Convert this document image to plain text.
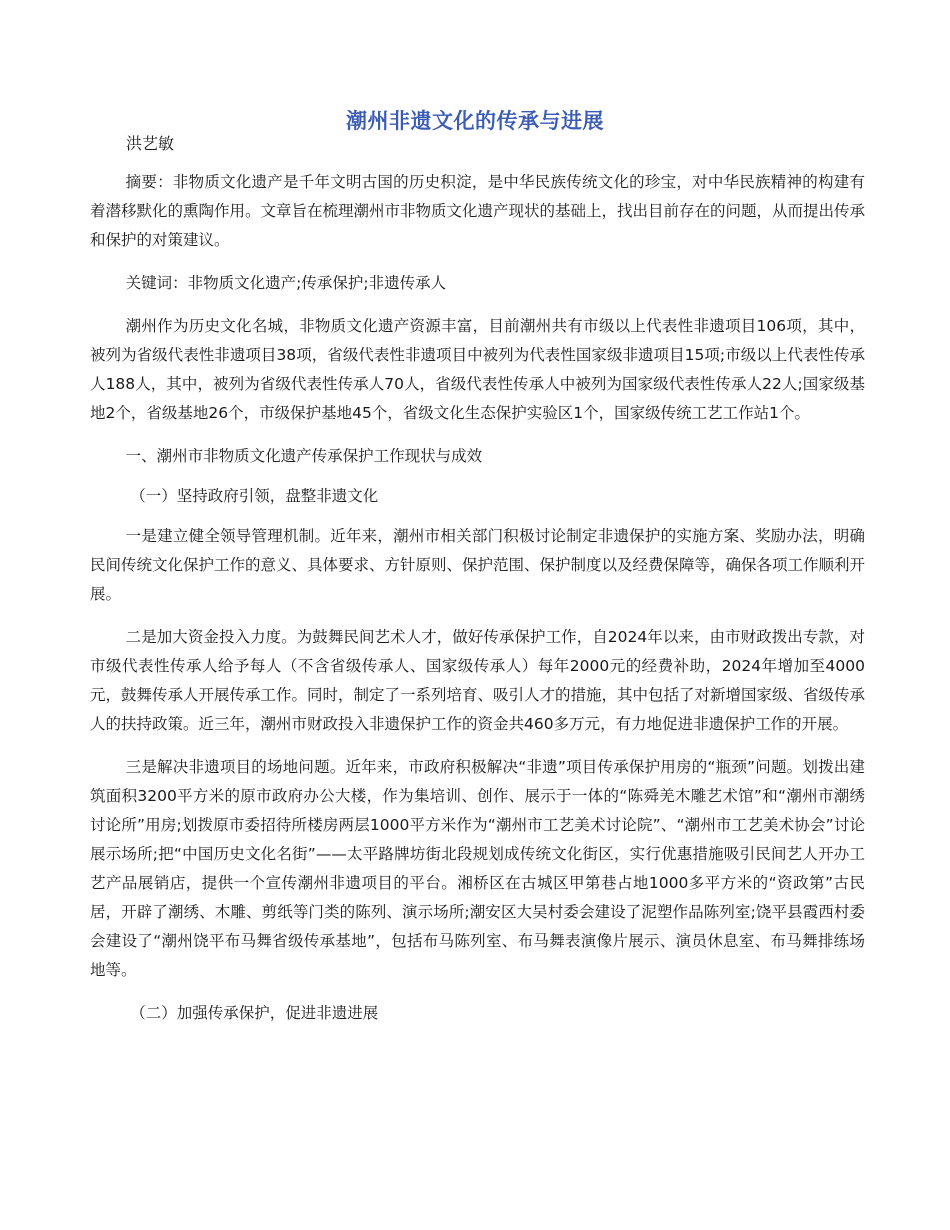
潮州非遗文化的传承与进展
洪艺敏

摘要：非物质文化遗产是千年文明古国的历史积淀，是中华民族传统文化的珍宝，对中华民族精神的构建有着潜移默化的熏陶作用。文章旨在梳理潮州市非物质文化遗产现状的基础上，找出目前存在的问题，从而提出传承和保护的对策建议。

关键词：非物质文化遗产;传承保护;非遗传承人

潮州作为历史文化名城，非物质文化遗产资源丰富，目前潮州共有市级以上代表性非遗项目106项，其中，被列为省级代表性非遗项目38项，省级代表性非遗项目中被列为代表性国家级非遗项目15项;市级以上代表性传承人188人，其中，被列为省级代表性传承人70人，省级代表性传承人中被列为国家级代表性传承人22人;国家级基地2个，省级基地26个，市级保护基地45个，省级文化生态保护实验区1个，国家级传统工艺工作站1个。

一、潮州市非物质文化遗产传承保护工作现状与成效

（一）坚持政府引领，盘整非遗文化

一是建立健全领导管理机制。近年来，潮州市相关部门积极讨论制定非遗保护的实施方案、奖励办法，明确民间传统文化保护工作的意义、具体要求、方针原则、保护范围、保护制度以及经费保障等，确保各项工作顺利开展。

二是加大资金投入力度。为鼓舞民间艺术人才，做好传承保护工作，自2024年以来，由市财政拨出专款，对市级代表性传承人给予每人（不含省级传承人、国家级传承人）每年2000元的经费补助，2024年增加至4000元，鼓舞传承人开展传承工作。同时，制定了一系列培育、吸引人才的措施，其中包括了对新增国家级、省级传承人的扶持政策。近三年，潮州市财政投入非遗保护工作的资金共460多万元，有力地促进非遗保护工作的开展。

三是解决非遗项目的场地问题。近年来，市政府积极解决“非遗”项目传承保护用房的“瓶颈”问题。划拨出建筑面积3200平方米的原市政府办公大楼，作为集培训、创作、展示于一体的“陈舜羌木雕艺术馆”和“潮州市潮绣讨论所”用房;划拨原市委招待所楼房两层1000平方米作为“潮州市工艺美术讨论院”、“潮州市工艺美术协会”讨论展示场所;把“中国历史文化名街”——太平路牌坊街北段规划成传统文化街区，实行优惠措施吸引民间艺人开办工艺产品展销店，提供一个宣传潮州非遗项目的平台。湘桥区在古城区甲第巷占地1000多平方米的“资政第”古民居，开辟了潮绣、木雕、剪纸等门类的陈列、演示场所;潮安区大吴村委会建设了泥塑作品陈列室;饶平县霞西村委会建设了“潮州饶平布马舞省级传承基地”，包括布马陈列室、布马舞表演像片展示、演员休息室、布马舞排练场地等。

（二）加强传承保护，促进非遗进展
